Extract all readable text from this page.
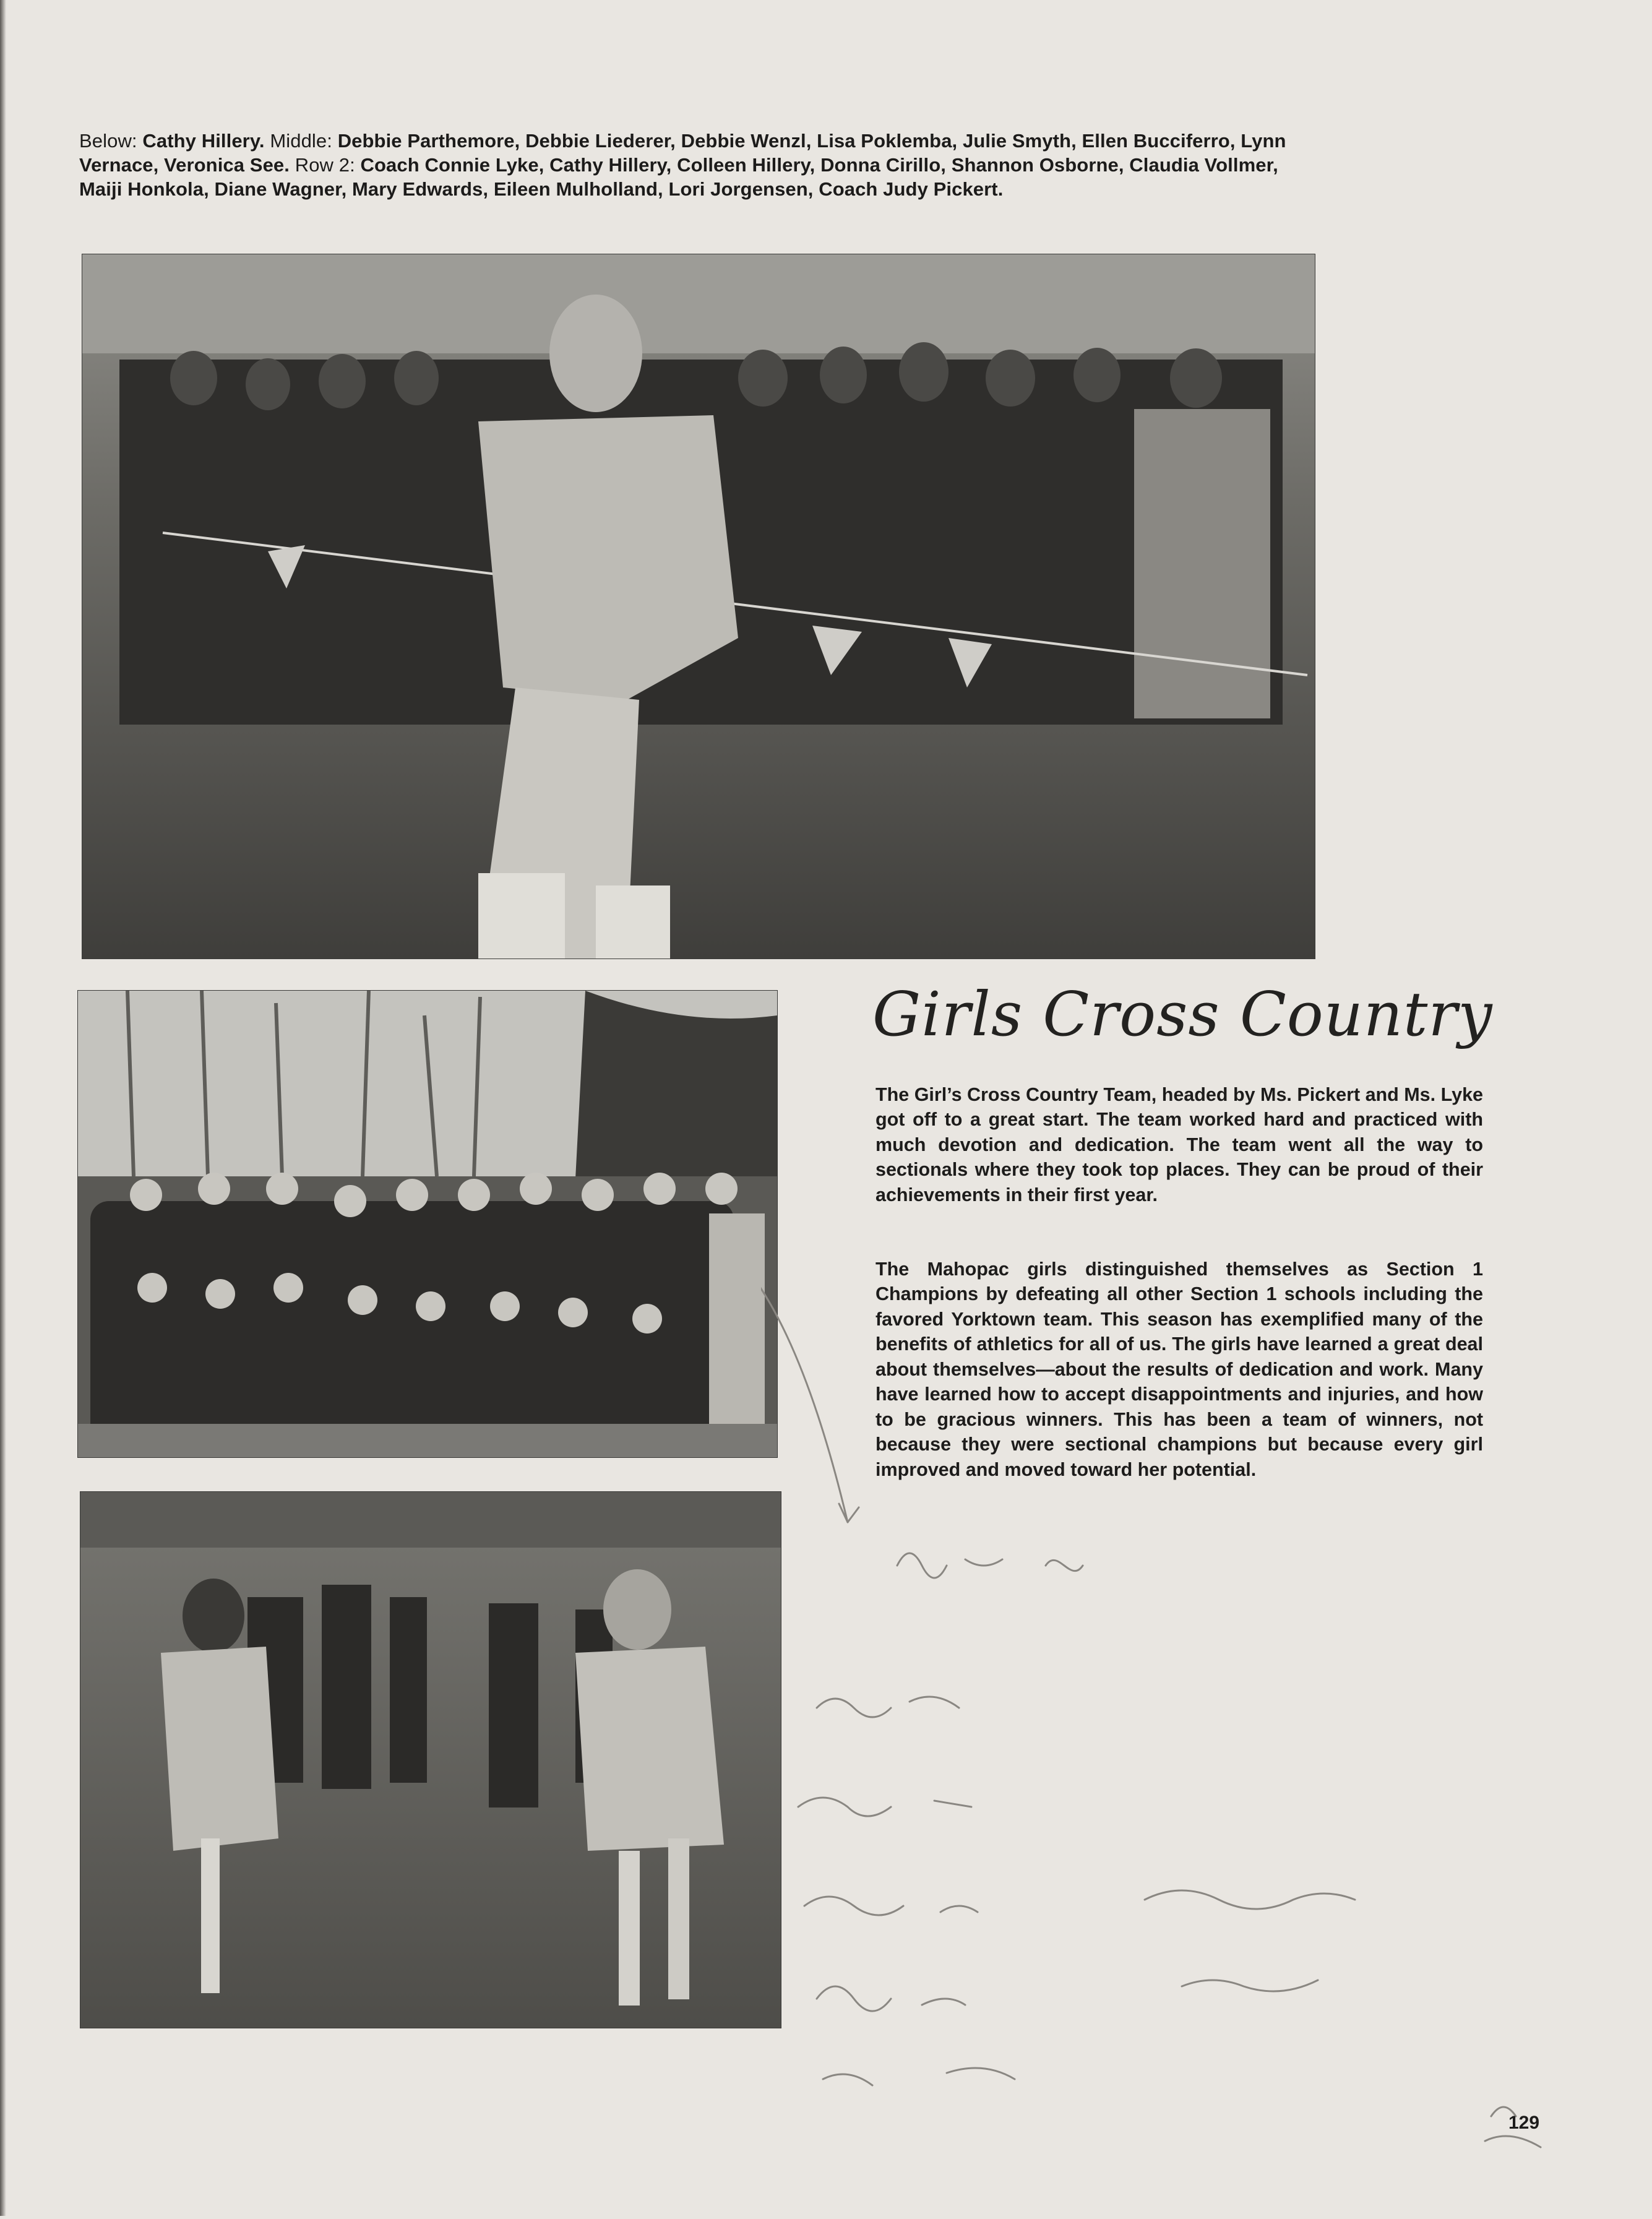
Below: Cathy Hillery. Middle: Debbie Parthemore, Debbie Liederer, Debbie Wenzl, Lisa Poklemba, Julie Smyth, Ellen Bucciferro, Lynn Vernace, Veronica See. Row 2: Coach Connie Lyke, Cathy Hillery, Colleen Hillery, Donna Cirillo, Shannon Osborne, Claudia Vollmer, Maiji Honkola, Diane Wagner, Mary Edwards, Eileen Mulholland, Lori Jorgensen, Coach Judy Pickert.
Girls Cross Country

The Girl’s Cross Country Team, headed by Ms. Pickert and Ms. Lyke got off to a great start. The team worked hard and practiced with much devotion and dedication. The team went all the way to sectionals where they took top places. They can be proud of their achievements in their first year.

The Mahopac girls distinguished themselves as Section 1 Champions by defeating all other Section 1 schools including the favored Yorktown team. This season has exemplified many of the benefits of athletics for all of us. The girls have learned a great deal about themselves—about the results of dedication and work. Many have learned how to accept disappointments and injuries, and how to be gracious winners. This has been a team of winners, not because they were sectional champions but because every girl improved and moved toward her potential.

129
